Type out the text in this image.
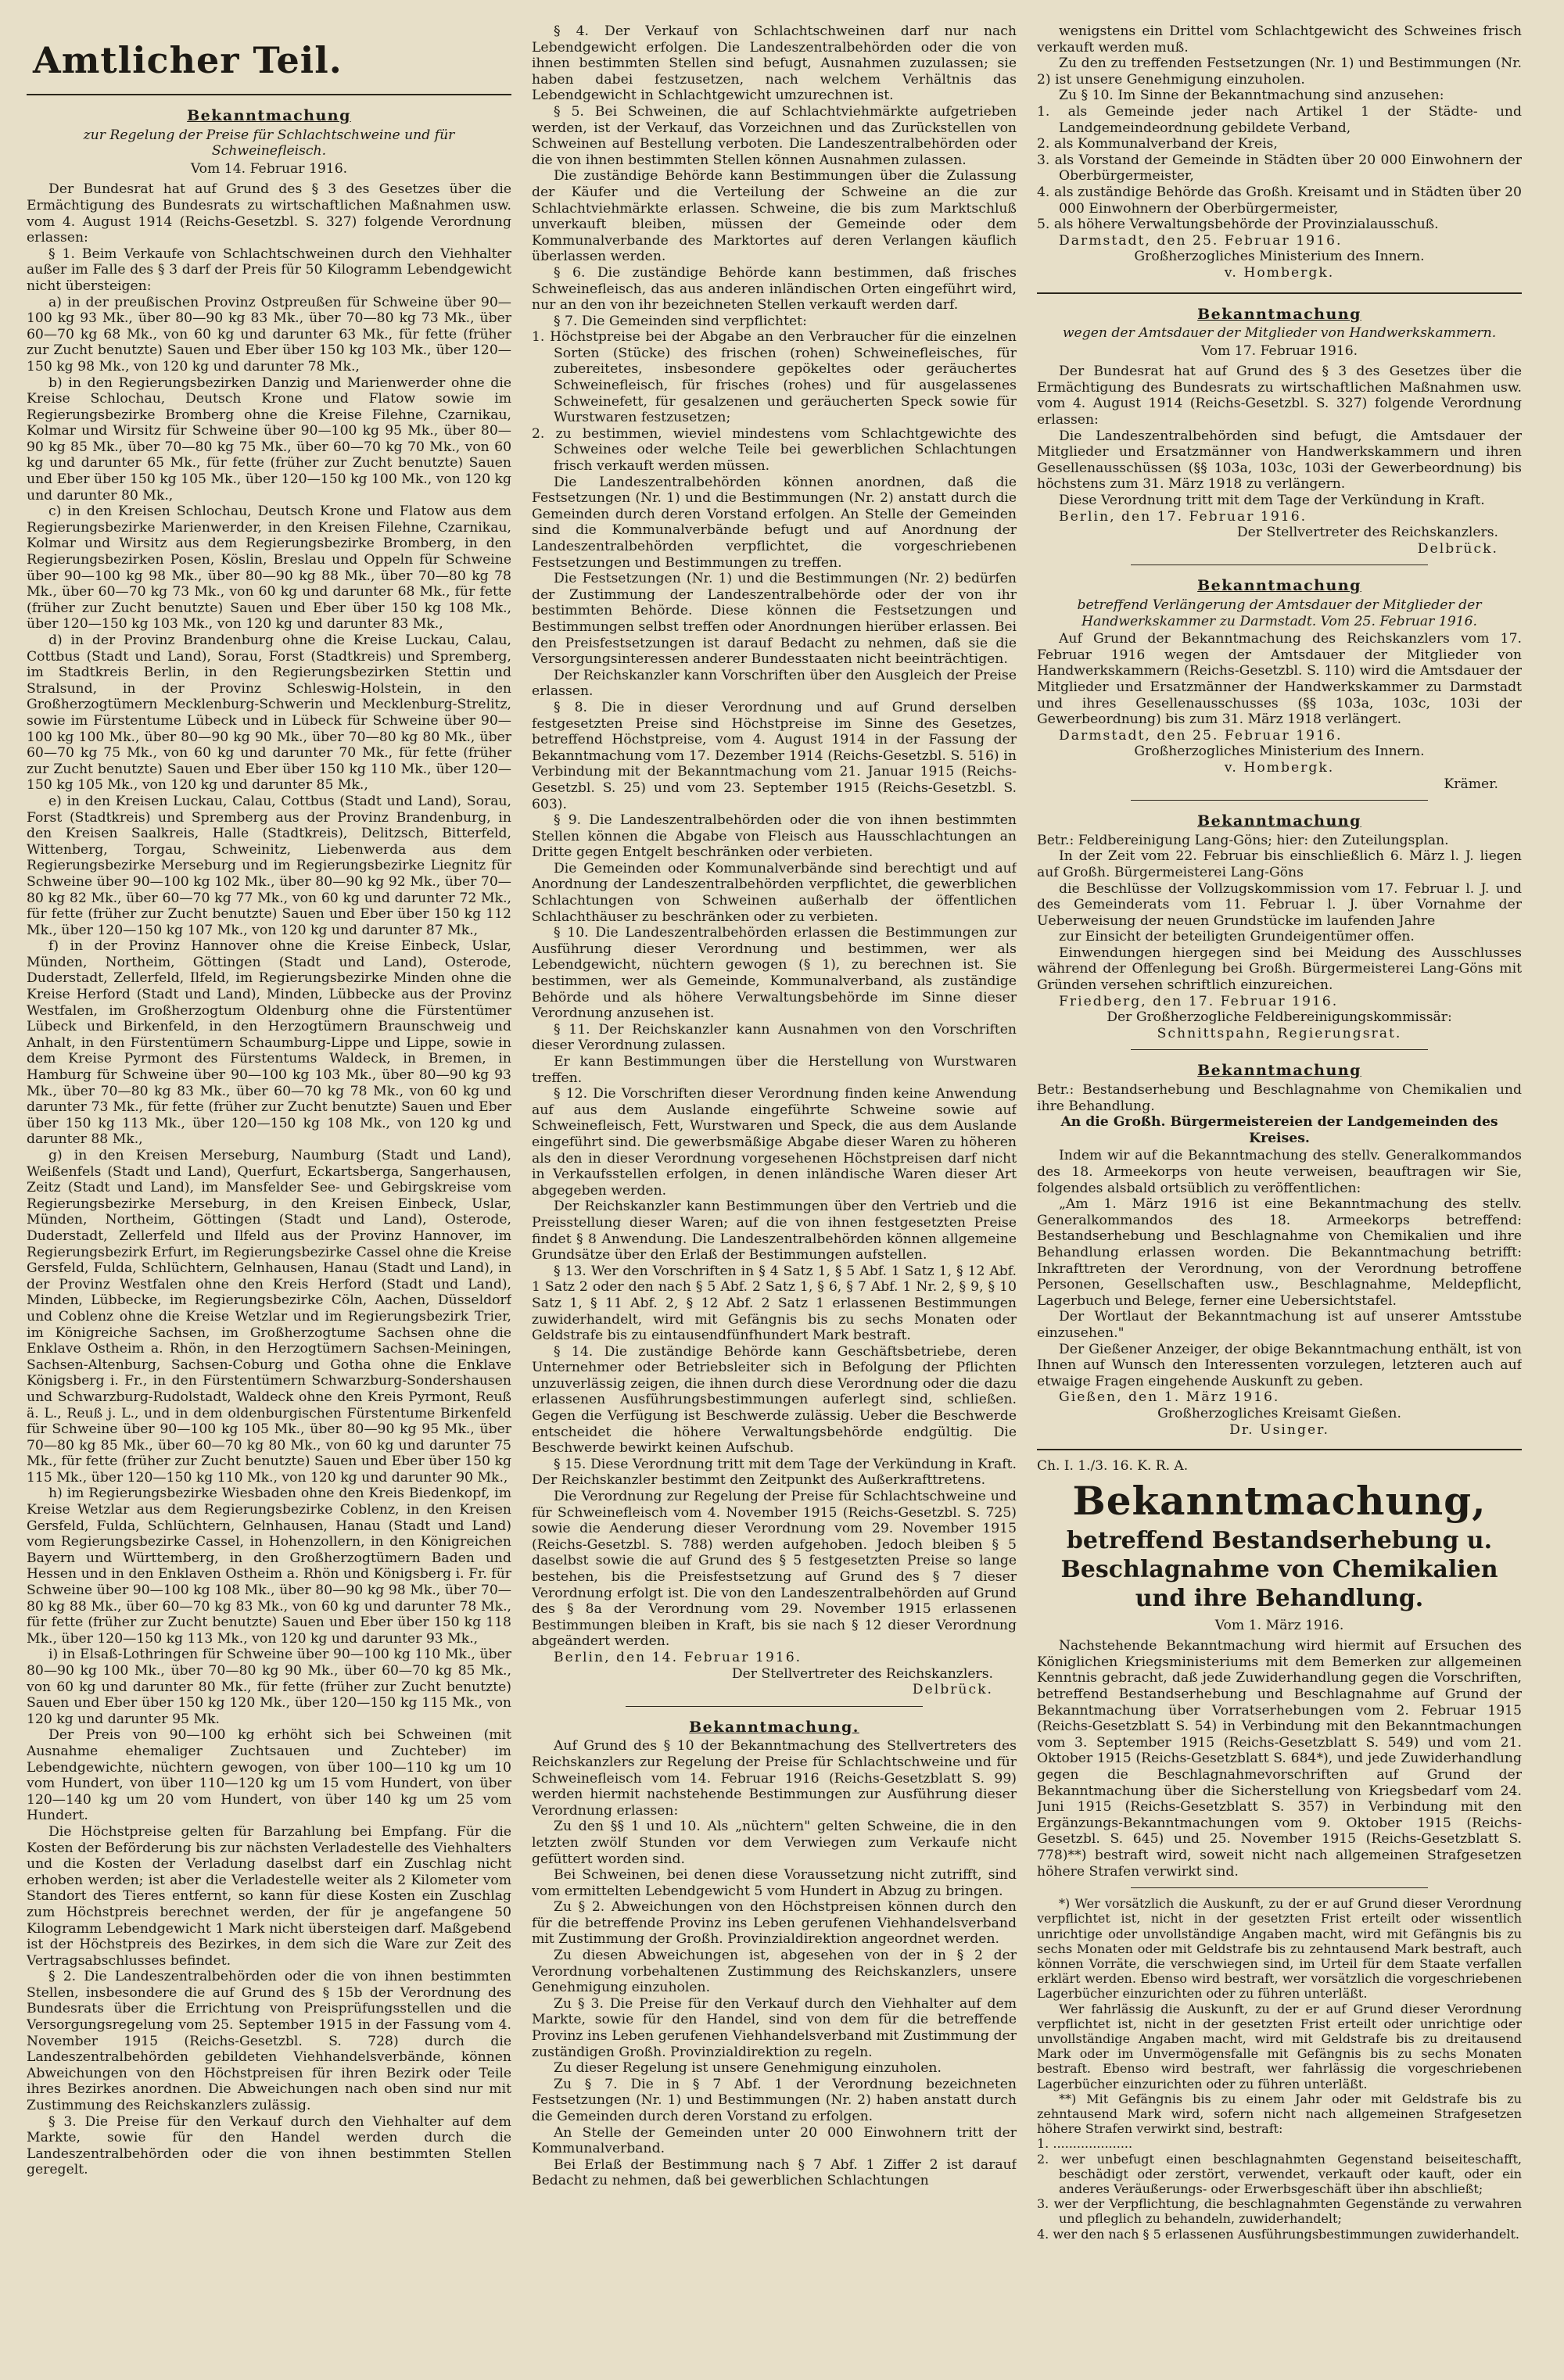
Amtlicher Teil.
Bekanntmachung
zur Regelung der Preise für Schlachtschweine und für Schweinefleisch.
Vom 14. Februar 1916.

Der Bundesrat hat auf Grund des § 3 des Gesetzes über die Ermächtigung des Bundesrats zu wirtschaftlichen Maßnahmen usw. vom 4. August 1914 (Reichs-Gesetzbl. S. 327) folgende Verordnung erlassen:

§ 1. Beim Verkaufe von Schlachtschweinen durch den Viehhalter außer im Falle des § 3 darf der Preis für 50 Kilogramm Lebendgewicht nicht übersteigen:

a) in der preußischen Provinz Ostpreußen für Schweine über 90—100 kg 93 Mk., über 80—90 kg 83 Mk., über 70—80 kg 73 Mk., über 60—70 kg 68 Mk., von 60 kg und darunter 63 Mk., für fette (früher zur Zucht benutzte) Sauen und Eber über 150 kg 103 Mk., über 120—150 kg 98 Mk., von 120 kg und darunter 78 Mk.,

b) in den Regierungsbezirken Danzig und Marienwerder ohne die Kreise Schlochau, Deutsch Krone und Flatow sowie im Regierungsbezirke Bromberg ohne die Kreise Filehne, Czarnikau, Kolmar und Wirsitz für Schweine über 90—100 kg 95 Mk., über 80—90 kg 85 Mk., über 70—80 kg 75 Mk., über 60—70 kg 70 Mk., von 60 kg und darunter 65 Mk., für fette (früher zur Zucht benutzte) Sauen und Eber über 150 kg 105 Mk., über 120—150 kg 100 Mk., von 120 kg und darunter 80 Mk.,

c) in den Kreisen Schlochau, Deutsch Krone und Flatow aus dem Regierungsbezirke Marienwerder, in den Kreisen Filehne, Czarnikau, Kolmar und Wirsitz aus dem Regierungsbezirke Bromberg, in den Regierungsbezirken Posen, Köslin, Breslau und Oppeln für Schweine über 90—100 kg 98 Mk., über 80—90 kg 88 Mk., über 70—80 kg 78 Mk., über 60—70 kg 73 Mk., von 60 kg und darunter 68 Mk., für fette (früher zur Zucht benutzte) Sauen und Eber über 150 kg 108 Mk., über 120—150 kg 103 Mk., von 120 kg und darunter 83 Mk.,

d) in der Provinz Brandenburg ohne die Kreise Luckau, Calau, Cottbus (Stadt und Land), Sorau, Forst (Stadtkreis) und Spremberg, im Stadtkreis Berlin, in den Regierungsbezirken Stettin und Stralsund, in der Provinz Schleswig-Holstein, in den Großherzogtümern Mecklenburg-Schwerin und Mecklenburg-Strelitz, sowie im Fürstentume Lübeck und in Lübeck für Schweine über 90—100 kg 100 Mk., über 80—90 kg 90 Mk., über 70—80 kg 80 Mk., über 60—70 kg 75 Mk., von 60 kg und darunter 70 Mk., für fette (früher zur Zucht benutzte) Sauen und Eber über 150 kg 110 Mk., über 120—150 kg 105 Mk., von 120 kg und darunter 85 Mk.,

e) in den Kreisen Luckau, Calau, Cottbus (Stadt und Land), Sorau, Forst (Stadtkreis) und Spremberg aus der Provinz Brandenburg, in den Kreisen Saalkreis, Halle (Stadtkreis), Delitzsch, Bitterfeld, Wittenberg, Torgau, Schweinitz, Liebenwerda aus dem Regierungsbezirke Merseburg und im Regierungsbezirke Liegnitz für Schweine über 90—100 kg 102 Mk., über 80—90 kg 92 Mk., über 70—80 kg 82 Mk., über 60—70 kg 77 Mk., von 60 kg und darunter 72 Mk., für fette (früher zur Zucht benutzte) Sauen und Eber über 150 kg 112 Mk., über 120—150 kg 107 Mk., von 120 kg und darunter 87 Mk.,

f) in der Provinz Hannover ohne die Kreise Einbeck, Uslar, Münden, Northeim, Göttingen (Stadt und Land), Osterode, Duderstadt, Zellerfeld, Ilfeld, im Regierungsbezirke Minden ohne die Kreise Herford (Stadt und Land), Minden, Lübbecke aus der Provinz Westfalen, im Großherzogtum Oldenburg ohne die Fürstentümer Lübeck und Birkenfeld, in den Herzogtümern Braunschweig und Anhalt, in den Fürstentümern Schaumburg-Lippe und Lippe, sowie in dem Kreise Pyrmont des Fürstentums Waldeck, in Bremen, in Hamburg für Schweine über 90—100 kg 103 Mk., über 80—90 kg 93 Mk., über 70—80 kg 83 Mk., über 60—70 kg 78 Mk., von 60 kg und darunter 73 Mk., für fette (früher zur Zucht benutzte) Sauen und Eber über 150 kg 113 Mk., über 120—150 kg 108 Mk., von 120 kg und darunter 88 Mk.,

g) in den Kreisen Merseburg, Naumburg (Stadt und Land), Weißenfels (Stadt und Land), Querfurt, Eckartsberga, Sangerhausen, Zeitz (Stadt und Land), im Mansfelder See- und Gebirgskreise vom Regierungsbezirke Merseburg, in den Kreisen Einbeck, Uslar, Münden, Northeim, Göttingen (Stadt und Land), Osterode, Duderstadt, Zellerfeld und Ilfeld aus der Provinz Hannover, im Regierungsbezirk Erfurt, im Regierungsbezirke Cassel ohne die Kreise Gersfeld, Fulda, Schlüchtern, Gelnhausen, Hanau (Stadt und Land), in der Provinz Westfalen ohne den Kreis Herford (Stadt und Land), Minden, Lübbecke, im Regierungsbezirke Cöln, Aachen, Düsseldorf und Coblenz ohne die Kreise Wetzlar und im Regierungsbezirk Trier, im Königreiche Sachsen, im Großherzogtume Sachsen ohne die Enklave Ostheim a. Rhön, in den Herzogtümern Sachsen-Meiningen, Sachsen-Altenburg, Sachsen-Coburg und Gotha ohne die Enklave Königsberg i. Fr., in den Fürstentümern Schwarzburg-Sondershausen und Schwarzburg-Rudolstadt, Waldeck ohne den Kreis Pyrmont, Reuß ä. L., Reuß j. L., und in dem oldenburgischen Fürstentume Birkenfeld für Schweine über 90—100 kg 105 Mk., über 80—90 kg 95 Mk., über 70—80 kg 85 Mk., über 60—70 kg 80 Mk., von 60 kg und darunter 75 Mk., für fette (früher zur Zucht benutzte) Sauen und Eber über 150 kg 115 Mk., über 120—150 kg 110 Mk., von 120 kg und darunter 90 Mk.,

h) im Regierungsbezirke Wiesbaden ohne den Kreis Biedenkopf, im Kreise Wetzlar aus dem Regierungsbezirke Coblenz, in den Kreisen Gersfeld, Fulda, Schlüchtern, Gelnhausen, Hanau (Stadt und Land) vom Regierungsbezirke Cassel, in Hohenzollern, in den Königreichen Bayern und Württemberg, in den Großherzogtümern Baden und Hessen und in den Enklaven Ostheim a. Rhön und Königsberg i. Fr. für Schweine über 90—100 kg 108 Mk., über 80—90 kg 98 Mk., über 70—80 kg 88 Mk., über 60—70 kg 83 Mk., von 60 kg und darunter 78 Mk., für fette (früher zur Zucht benutzte) Sauen und Eber über 150 kg 118 Mk., über 120—150 kg 113 Mk., von 120 kg und darunter 93 Mk.,

i) in Elsaß-Lothringen für Schweine über 90—100 kg 110 Mk., über 80—90 kg 100 Mk., über 70—80 kg 90 Mk., über 60—70 kg 85 Mk., von 60 kg und darunter 80 Mk., für fette (früher zur Zucht benutzte) Sauen und Eber über 150 kg 120 Mk., über 120—150 kg 115 Mk., von 120 kg und darunter 95 Mk.

Der Preis von 90—100 kg erhöht sich bei Schweinen (mit Ausnahme ehemaliger Zuchtsauen und Zuchteber) im Lebendgewichte, nüchtern gewogen, von über 100—110 kg um 10 vom Hundert, von über 110—120 kg um 15 vom Hundert, von über 120—140 kg um 20 vom Hundert, von über 140 kg um 25 vom Hundert.

Die Höchstpreise gelten für Barzahlung bei Empfang. Für die Kosten der Beförderung bis zur nächsten Verladestelle des Viehhalters und die Kosten der Verladung daselbst darf ein Zuschlag nicht erhoben werden; ist aber die Verladestelle weiter als 2 Kilometer vom Standort des Tieres entfernt, so kann für diese Kosten ein Zuschlag zum Höchstpreis berechnet werden, der für je angefangene 50 Kilogramm Lebendgewicht 1 Mark nicht übersteigen darf. Maßgebend ist der Höchstpreis des Bezirkes, in dem sich die Ware zur Zeit des Vertragsabschlusses befindet.

§ 2. Die Landeszentralbehörden oder die von ihnen bestimmten Stellen, insbesondere die auf Grund des § 15b der Verordnung des Bundesrats über die Errichtung von Preisprüfungsstellen und die Versorgungsregelung vom 25. September 1915 in der Fassung vom 4. November 1915 (Reichs-Gesetzbl. S. 728) durch die Landeszentralbehörden gebildeten Viehhandelsverbände, können Abweichungen von den Höchstpreisen für ihren Bezirk oder Teile ihres Bezirkes anordnen. Die Abweichungen nach oben sind nur mit Zustimmung des Reichskanzlers zulässig.

§ 3. Die Preise für den Verkauf durch den Viehhalter auf dem Markte, sowie für den Handel werden durch die Landeszentralbehörden oder die von ihnen bestimmten Stellen geregelt.

§ 4. Der Verkauf von Schlachtschweinen darf nur nach Lebendgewicht erfolgen. Die Landeszentralbehörden oder die von ihnen bestimmten Stellen sind befugt, Ausnahmen zuzulassen; sie haben dabei festzusetzen, nach welchem Verhältnis das Lebendgewicht in Schlachtgewicht umzurechnen ist.

§ 5. Bei Schweinen, die auf Schlachtviehmärkte aufgetrieben werden, ist der Verkauf, das Vorzeichnen und das Zurückstellen von Schweinen auf Bestellung verboten. Die Landeszentralbehörden oder die von ihnen bestimmten Stellen können Ausnahmen zulassen.

Die zuständige Behörde kann Bestimmungen über die Zulassung der Käufer und die Verteilung der Schweine an die zur Schlachtviehmärkte erlassen. Schweine, die bis zum Marktschluß unverkauft bleiben, müssen der Gemeinde oder dem Kommunalverbande des Marktortes auf deren Verlangen käuflich überlassen werden.

§ 6. Die zuständige Behörde kann bestimmen, daß frisches Schweinefleisch, das aus anderen inländischen Orten eingeführt wird, nur an den von ihr bezeichneten Stellen verkauft werden darf.

§ 7. Die Gemeinden sind verpflichtet:

1. Höchstpreise bei der Abgabe an den Verbraucher für die einzelnen Sorten (Stücke) des frischen (rohen) Schweinefleisches, für zubereitetes, insbesondere gepökeltes oder geräuchertes Schweinefleisch, für frisches (rohes) und für ausgelassenes Schweinefett, für gesalzenen und geräucherten Speck sowie für Wurstwaren festzusetzen;

2. zu bestimmen, wieviel mindestens vom Schlachtgewichte des Schweines oder welche Teile bei gewerblichen Schlachtungen frisch verkauft werden müssen.

Die Landeszentralbehörden können anordnen, daß die Festsetzungen (Nr. 1) und die Bestimmungen (Nr. 2) anstatt durch die Gemeinden durch deren Vorstand erfolgen. An Stelle der Gemeinden sind die Kommunalverbände befugt und auf Anordnung der Landeszentralbehörden verpflichtet, die vorgeschriebenen Festsetzungen und Bestimmungen zu treffen.

Die Festsetzungen (Nr. 1) und die Bestimmungen (Nr. 2) bedürfen der Zustimmung der Landeszentralbehörde oder der von ihr bestimmten Behörde. Diese können die Festsetzungen und Bestimmungen selbst treffen oder Anordnungen hierüber erlassen. Bei den Preisfestsetzungen ist darauf Bedacht zu nehmen, daß sie die Versorgungsinteressen anderer Bundesstaaten nicht beeinträchtigen.

Der Reichskanzler kann Vorschriften über den Ausgleich der Preise erlassen.

§ 8. Die in dieser Verordnung und auf Grund derselben festgesetzten Preise sind Höchstpreise im Sinne des Gesetzes, betreffend Höchstpreise, vom 4. August 1914 in der Fassung der Bekanntmachung vom 17. Dezember 1914 (Reichs-Gesetzbl. S. 516) in Verbindung mit der Bekanntmachung vom 21. Januar 1915 (Reichs-Gesetzbl. S. 25) und vom 23. September 1915 (Reichs-Gesetzbl. S. 603).

§ 9. Die Landeszentralbehörden oder die von ihnen bestimmten Stellen können die Abgabe von Fleisch aus Hausschlachtungen an Dritte gegen Entgelt beschränken oder verbieten.

Die Gemeinden oder Kommunalverbände sind berechtigt und auf Anordnung der Landeszentralbehörden verpflichtet, die gewerblichen Schlachtungen von Schweinen außerhalb der öffentlichen Schlachthäuser zu beschränken oder zu verbieten.

§ 10. Die Landeszentralbehörden erlassen die Bestimmungen zur Ausführung dieser Verordnung und bestimmen, wer als Lebendgewicht, nüchtern gewogen (§ 1), zu berechnen ist. Sie bestimmen, wer als Gemeinde, Kommunalverband, als zuständige Behörde und als höhere Verwaltungsbehörde im Sinne dieser Verordnung anzusehen ist.

§ 11. Der Reichskanzler kann Ausnahmen von den Vorschriften dieser Verordnung zulassen.

Er kann Bestimmungen über die Herstellung von Wurstwaren treffen.

§ 12. Die Vorschriften dieser Verordnung finden keine Anwendung auf aus dem Auslande eingeführte Schweine sowie auf Schweinefleisch, Fett, Wurstwaren und Speck, die aus dem Auslande eingeführt sind. Die gewerbsmäßige Abgabe dieser Waren zu höheren als den in dieser Verordnung vorgesehenen Höchstpreisen darf nicht in Verkaufsstellen erfolgen, in denen inländische Waren dieser Art abgegeben werden.

Der Reichskanzler kann Bestimmungen über den Vertrieb und die Preisstellung dieser Waren; auf die von ihnen festgesetzten Preise findet § 8 Anwendung. Die Landeszentralbehörden können allgemeine Grundsätze über den Erlaß der Bestimmungen aufstellen.

§ 13. Wer den Vorschriften in § 4 Satz 1, § 5 Abf. 1 Satz 1, § 12 Abf. 1 Satz 2 oder den nach § 5 Abf. 2 Satz 1, § 6, § 7 Abf. 1 Nr. 2, § 9, § 10 Satz 1, § 11 Abf. 2, § 12 Abf. 2 Satz 1 erlassenen Bestimmungen zuwiderhandelt, wird mit Gefängnis bis zu sechs Monaten oder Geldstrafe bis zu eintausendfünfhundert Mark bestraft.

§ 14. Die zuständige Behörde kann Geschäftsbetriebe, deren Unternehmer oder Betriebsleiter sich in Befolgung der Pflichten unzuverlässig zeigen, die ihnen durch diese Verordnung oder die dazu erlassenen Ausführungsbestimmungen auferlegt sind, schließen. Gegen die Verfügung ist Beschwerde zulässig. Ueber die Beschwerde entscheidet die höhere Verwaltungsbehörde endgültig. Die Beschwerde bewirkt keinen Aufschub.

§ 15. Diese Verordnung tritt mit dem Tage der Verkündung in Kraft. Der Reichskanzler bestimmt den Zeitpunkt des Außerkrafttretens.

Die Verordnung zur Regelung der Preise für Schlachtschweine und für Schweinefleisch vom 4. November 1915 (Reichs-Gesetzbl. S. 725) sowie die Aenderung dieser Verordnung vom 29. November 1915 (Reichs-Gesetzbl. S. 788) werden aufgehoben. Jedoch bleiben § 5 daselbst sowie die auf Grund des § 5 festgesetzten Preise so lange bestehen, bis die Preisfestsetzung auf Grund des § 7 dieser Verordnung erfolgt ist. Die von den Landeszentralbehörden auf Grund des § 8a der Verordnung vom 29. November 1915 erlassenen Bestimmungen bleiben in Kraft, bis sie nach § 12 dieser Verordnung abgeändert werden.

Berlin, den 14. Februar 1916.

Der Stellvertreter des Reichskanzlers.
Delbrück.
Bekanntmachung.

Auf Grund des § 10 der Bekanntmachung des Stellvertreters des Reichskanzlers zur Regelung der Preise für Schlachtschweine und für Schweinefleisch vom 14. Februar 1916 (Reichs-Gesetzblatt S. 99) werden hiermit nachstehende Bestimmungen zur Ausführung dieser Verordnung erlassen:

Zu den §§ 1 und 10. Als „nüchtern" gelten Schweine, die in den letzten zwölf Stunden vor dem Verwiegen zum Verkaufe nicht gefüttert worden sind.

Bei Schweinen, bei denen diese Voraussetzung nicht zutrifft, sind vom ermittelten Lebendgewicht 5 vom Hundert in Abzug zu bringen.

Zu § 2. Abweichungen von den Höchstpreisen können durch den für die betreffende Provinz ins Leben gerufenen Viehhandelsverband mit Zustimmung der Großh. Provinzialdirektion angeordnet werden.

Zu diesen Abweichungen ist, abgesehen von der in § 2 der Verordnung vorbehaltenen Zustimmung des Reichskanzlers, unsere Genehmigung einzuholen.

Zu § 3. Die Preise für den Verkauf durch den Viehhalter auf dem Markte, sowie für den Handel, sind von dem für die betreffende Provinz ins Leben gerufenen Viehhandelsverband mit Zustimmung der zuständigen Großh. Provinzialdirektion zu regeln.

Zu dieser Regelung ist unsere Genehmigung einzuholen.

Zu § 7. Die in § 7 Abf. 1 der Verordnung bezeichneten Festsetzungen (Nr. 1) und Bestimmungen (Nr. 2) haben anstatt durch die Gemeinden durch deren Vorstand zu erfolgen.

An Stelle der Gemeinden unter 20 000 Einwohnern tritt der Kommunalverband.

Bei Erlaß der Bestimmung nach § 7 Abf. 1 Ziffer 2 ist darauf Bedacht zu nehmen, daß bei gewerblichen Schlachtungen

wenigstens ein Drittel vom Schlachtgewicht des Schweines frisch verkauft werden muß.

Zu den zu treffenden Festsetzungen (Nr. 1) und Bestimmungen (Nr. 2) ist unsere Genehmigung einzuholen.

Zu § 10. Im Sinne der Bekanntmachung sind anzusehen:

1. als Gemeinde jeder nach Artikel 1 der Städte- und Landgemeindeordnung gebildete Verband,

2. als Kommunalverband der Kreis,

3. als Vorstand der Gemeinde in Städten über 20 000 Einwohnern der Oberbürgermeister,

4. als zuständige Behörde das Großh. Kreisamt und in Städten über 20 000 Einwohnern der Oberbürgermeister,

5. als höhere Verwaltungsbehörde der Provinzialausschuß.

Darmstadt, den 25. Februar 1916.

Großherzogliches Ministerium des Innern.
v. Hombergk.
Bekanntmachung
wegen der Amtsdauer der Mitglieder von Handwerkskammern.
Vom 17. Februar 1916.

Der Bundesrat hat auf Grund des § 3 des Gesetzes über die Ermächtigung des Bundesrats zu wirtschaftlichen Maßnahmen usw. vom 4. August 1914 (Reichs-Gesetzbl. S. 327) folgende Verordnung erlassen:

Die Landeszentralbehörden sind befugt, die Amtsdauer der Mitglieder und Ersatzmänner von Handwerkskammern und ihren Gesellenausschüssen (§§ 103a, 103c, 103i der Gewerbeordnung) bis höchstens zum 31. März 1918 zu verlängern.

Diese Verordnung tritt mit dem Tage der Verkündung in Kraft.

Berlin, den 17. Februar 1916.

Der Stellvertreter des Reichskanzlers.
Delbrück.
Bekanntmachung
betreffend Verlängerung der Amtsdauer der Mitglieder der Handwerkskammer zu Darmstadt. Vom 25. Februar 1916.

Auf Grund der Bekanntmachung des Reichskanzlers vom 17. Februar 1916 wegen der Amtsdauer der Mitglieder von Handwerkskammern (Reichs-Gesetzbl. S. 110) wird die Amtsdauer der Mitglieder und Ersatzmänner der Handwerkskammer zu Darmstadt und ihres Gesellenausschusses (§§ 103a, 103c, 103i der Gewerbeordnung) bis zum 31. März 1918 verlängert.

Darmstadt, den 25. Februar 1916.

Großherzogliches Ministerium des Innern.
v. Hombergk.
Krämer.
Bekanntmachung

Betr.: Feldbereinigung Lang-Göns; hier: den Zuteilungsplan.

In der Zeit vom 22. Februar bis einschließlich 6. März l. J. liegen auf Großh. Bürgermeisterei Lang-Göns

die Beschlüsse der Vollzugskommission vom 17. Februar l. J. und des Gemeinderats vom 11. Februar l. J. über Vornahme der Ueberweisung der neuen Grundstücke im laufenden Jahre

zur Einsicht der beteiligten Grundeigentümer offen.

Einwendungen hiergegen sind bei Meidung des Ausschlusses während der Offenlegung bei Großh. Bürgermeisterei Lang-Göns mit Gründen versehen schriftlich einzureichen.

Friedberg, den 17. Februar 1916.

Der Großherzogliche Feldbereinigungskommissär:
Schnittspahn, Regierungsrat.
Bekanntmachung

Betr.: Bestandserhebung und Beschlagnahme von Chemikalien und ihre Behandlung.

An die Großh. Bürgermeistereien der Landgemeinden des Kreises.

Indem wir auf die Bekanntmachung des stellv. Generalkommandos des 18. Armeekorps von heute verweisen, beauftragen wir Sie, folgendes alsbald ortsüblich zu veröffentlichen:

„Am 1. März 1916 ist eine Bekanntmachung des stellv. Generalkommandos des 18. Armeekorps betreffend: Bestandserhebung und Beschlagnahme von Chemikalien und ihre Behandlung erlassen worden. Die Bekanntmachung betrifft: Inkrafttreten der Verordnung, von der Verordnung betroffene Personen, Gesellschaften usw., Beschlagnahme, Meldepflicht, Lagerbuch und Belege, ferner eine Uebersichtstafel.

Der Wortlaut der Bekanntmachung ist auf unserer Amtsstube einzusehen."

Der Gießener Anzeiger, der obige Bekanntmachung enthält, ist von Ihnen auf Wunsch den Interessenten vorzulegen, letzteren auch auf etwaige Fragen eingehende Auskunft zu geben.

Gießen, den 1. März 1916.

Großherzogliches Kreisamt Gießen.
Dr. Usinger.
Ch. I. 1./3. 16. K. R. A.
Bekanntmachung,
betreffend Bestandserhebung u. Beschlagnahme von Chemikalien und ihre Behandlung.
Vom 1. März 1916.

Nachstehende Bekanntmachung wird hiermit auf Ersuchen des Königlichen Kriegsministeriums mit dem Bemerken zur allgemeinen Kenntnis gebracht, daß jede Zuwiderhandlung gegen die Vorschriften, betreffend Bestandserhebung und Beschlagnahme auf Grund der Bekanntmachung über Vorratserhebungen vom 2. Februar 1915 (Reichs-Gesetzblatt S. 54) in Verbindung mit den Bekanntmachungen vom 3. September 1915 (Reichs-Gesetzblatt S. 549) und vom 21. Oktober 1915 (Reichs-Gesetzblatt S. 684*), und jede Zuwiderhandlung gegen die Beschlagnahmevorschriften auf Grund der Bekanntmachung über die Sicherstellung von Kriegsbedarf vom 24. Juni 1915 (Reichs-Gesetzblatt S. 357) in Verbindung mit den Ergänzungs-Bekanntmachungen vom 9. Oktober 1915 (Reichs-Gesetzbl. S. 645) und 25. November 1915 (Reichs-Gesetzblatt S. 778)**) bestraft wird, soweit nicht nach allgemeinen Strafgesetzen höhere Strafen verwirkt sind.

*) Wer vorsätzlich die Auskunft, zu der er auf Grund dieser Verordnung verpflichtet ist, nicht in der gesetzten Frist erteilt oder wissentlich unrichtige oder unvollständige Angaben macht, wird mit Gefängnis bis zu sechs Monaten oder mit Geldstrafe bis zu zehntausend Mark bestraft, auch können Vorräte, die verschwiegen sind, im Urteil für dem Staate verfallen erklärt werden. Ebenso wird bestraft, wer vorsätzlich die vorgeschriebenen Lagerbücher einzurichten oder zu führen unterläßt.

Wer fahrlässig die Auskunft, zu der er auf Grund dieser Verordnung verpflichtet ist, nicht in der gesetzten Frist erteilt oder unrichtige oder unvollständige Angaben macht, wird mit Geldstrafe bis zu dreitausend Mark oder im Unvermögensfalle mit Gefängnis bis zu sechs Monaten bestraft. Ebenso wird bestraft, wer fahrlässig die vorgeschriebenen Lagerbücher einzurichten oder zu führen unterläßt.

**) Mit Gefängnis bis zu einem Jahr oder mit Geldstrafe bis zu zehntausend Mark wird, sofern nicht nach allgemeinen Strafgesetzen höhere Strafen verwirkt sind, bestraft:

1. ....................

2. wer unbefugt einen beschlagnahmten Gegenstand beiseiteschafft, beschädigt oder zerstört, verwendet, verkauft oder kauft, oder ein anderes Veräußerungs- oder Erwerbsgeschäft über ihn abschließt;

3. wer der Verpflichtung, die beschlagnahmten Gegenstände zu verwahren und pfleglich zu behandeln, zuwiderhandelt;

4. wer den nach § 5 erlassenen Ausführungsbestimmungen zuwiderhandelt.
